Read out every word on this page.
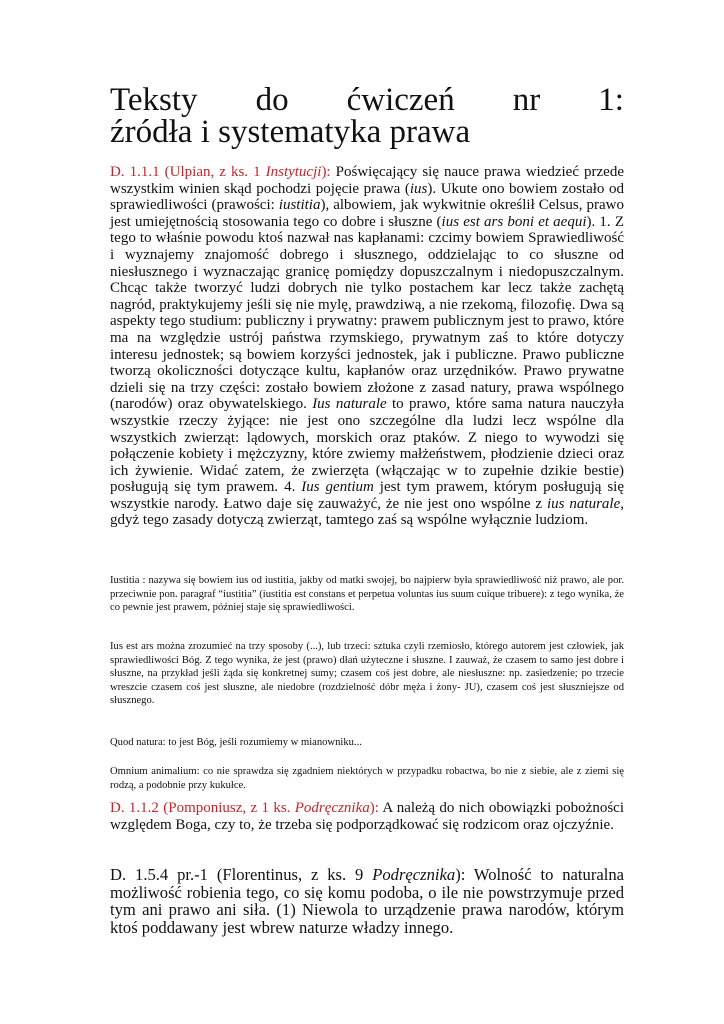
Teksty do ćwiczeń nr 1:
źródła i systematyka prawa

D. 1.1.1 (Ulpian, z ks. 1 Instytucji): Poświęcający się nauce prawa wiedzieć przede wszystkim winien skąd pochodzi pojęcie prawa (ius). Ukute ono bowiem zostało od sprawiedliwości (prawości: iustitia), albowiem, jak wykwitnie określił Celsus, prawo jest umiejętnością stosowania tego co dobre i słuszne (ius est ars boni et aequi). 1. Z tego to właśnie powodu ktoś nazwał nas kapłanami: czcimy bowiem Sprawiedliwość i wyznajemy znajomość dobrego i słusznego, oddzielając to co słuszne od niesłusznego i wyznaczając granicę pomiędzy dopuszczalnym i niedopuszczalnym. Chcąc także tworzyć ludzi dobrych nie tylko postachem kar lecz także zachętą nagród, praktykujemy jeśli się nie mylę, prawdziwą, a nie rzekomą, filozofię. Dwa są aspekty tego studium: publiczny i prywatny: prawem publicznym jest to prawo, które ma na względzie ustrój państwa rzymskiego, prywatnym zaś to które dotyczy interesu jednostek; są bowiem korzyści jednostek, jak i publiczne. Prawo publiczne tworzą okoliczności dotyczące kultu, kapłanów oraz urzędników. Prawo prywatne dzieli się na trzy części: zostało bowiem złożone z zasad natury, prawa wspólnego (narodów) oraz obywatelskiego. Ius naturale to prawo, które sama natura nauczyła wszystkie rzeczy żyjące: nie jest ono szczególne dla ludzi lecz wspólne dla wszystkich zwierząt: lądowych, morskich oraz ptaków. Z niego to wywodzi się połączenie kobiety i mężczyzny, które zwiemy małżeństwem, płodzienie dzieci oraz ich żywienie. Widać zatem, że zwierzęta (włączając w to zupełnie dzikie bestie) posługują się tym prawem. 4. Ius gentium jest tym prawem, którym posługują się wszystkie narody. Łatwo daje się zauważyć, że nie jest ono wspólne z ius naturale, gdyż tego zasady dotyczą zwierząt, tamtego zaś są wspólne wyłącznie ludziom.

Iustitia : nazywa się bowiem ius od iustitia, jakby od matki swojej, bo najpierw była sprawiedliwość niż prawo, ale por. przeciwnie pon. paragraf “iustitia” (iustitia est constans et perpetua voluntas ius suum cuique tribuere): z tego wynika, że co pewnie jest prawem, później staje się sprawiedliwości.

Ius est ars można zrozumieć na trzy sposoby (...), lub trzeci: sztuka czyli rzemiosło, którego autorem jest człowiek, jak sprawiedliwości Bóg. Z tego wynika, że jest (prawo) dłań użyteczne i słuszne. I zauważ, że czasem to samo jest dobre i słuszne, na przykład jeśli żąda się konkretnej sumy; czasem coś jest dobre, ale niesłuszne: np. zasiedzenie; po trzecie wreszcie czasem coś jest słuszne, ale niedobre (rozdzielność dóbr męża i żony- JU), czasem coś jest słuszniejsze od słusznego.

Quod natura: to jest Bóg, jeśli rozumiemy w mianowniku...

Omnium animalium: co nie sprawdza się zgadniem niektórych w przypadku robactwa, bo nie z siebie, ale z ziemi się rodzą, a podobnie przy kukułce.

D. 1.1.2 (Pomponiusz, z 1 ks. Podręcznika): A należą do nich obowiązki pobożności względem Boga, czy to, że trzeba się podporządkować się rodzicom oraz ojczyźnie.

D. 1.5.4 pr.-1 (Florentinus, z ks. 9 Podręcznika): Wolność to naturalna możliwość robienia tego, co się komu podoba, o ile nie powstrzymuje przed tym ani prawo ani siła. (1) Niewola to urządzenie prawa narodów, którym ktoś poddawany jest wbrew naturze władzy innego.
